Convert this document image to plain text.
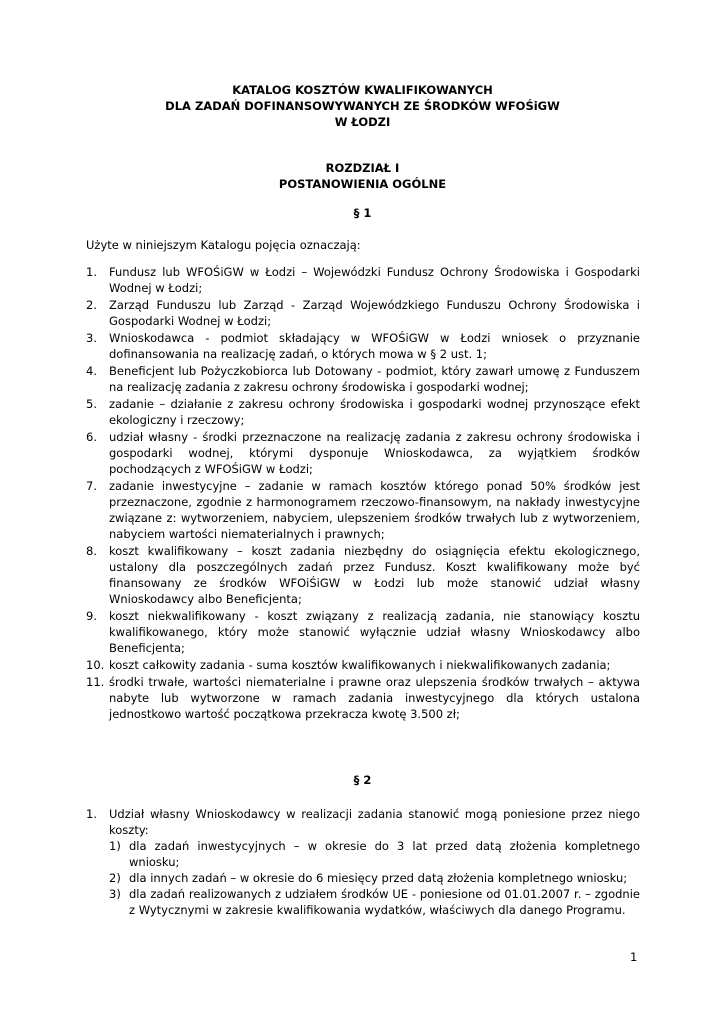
KATALOG KOSZTÓW KWALIFIKOWANYCH
DLA ZADAŃ DOFINANSOWYWANYCH ZE ŚRODKÓW WFOŚiGW
W ŁODZI
ROZDZIAŁ I
POSTANOWIENIA OGÓLNE
§ 1
Użyte w niniejszym Katalogu pojęcia oznaczają:
1. Fundusz lub WFOŚiGW w Łodzi – Wojewódzki Fundusz Ochrony Środowiska i Gospodarki Wodnej w Łodzi;
2. Zarząd Funduszu lub Zarząd - Zarząd Wojewódzkiego Funduszu Ochrony Środowiska i Gospodarki Wodnej w Łodzi;
3. Wnioskodawca - podmiot składający w WFOŚiGW w Łodzi wniosek o przyznanie dofinansowania na realizację zadań, o których mowa w § 2 ust. 1;
4. Beneficjent lub Pożyczkobiorca lub Dotowany - podmiot, który zawarł umowę z Funduszem na realizację zadania z zakresu ochrony środowiska i gospodarki wodnej;
5. zadanie – działanie z zakresu ochrony środowiska i gospodarki wodnej przynoszące efekt ekologiczny i rzeczowy;
6. udział własny - środki przeznaczone na realizację zadania z zakresu ochrony środowiska i gospodarki wodnej, którymi dysponuje Wnioskodawca, za wyjątkiem środków pochodzących z WFOŚiGW w Łodzi;
7. zadanie inwestycyjne – zadanie w ramach kosztów którego ponad 50% środków jest przeznaczone, zgodnie z harmonogramem rzeczowo-finansowym, na nakłady inwestycyjne związane z: wytworzeniem, nabyciem, ulepszeniem środków trwałych lub z wytworzeniem, nabyciem wartości niematerialnych i prawnych;
8. koszt kwalifikowany – koszt zadania niezbędny do osiągnięcia efektu ekologicznego, ustalony dla poszczególnych zadań przez Fundusz. Koszt kwalifikowany może być finansowany ze środków WFOiŚiGW w Łodzi lub może stanowić udział własny Wnioskodawcy albo Beneficjenta;
9. koszt niekwalifikowany - koszt związany z realizacją zadania, nie stanowiący kosztu kwalifikowanego, który może stanowić wyłącznie udział własny Wnioskodawcy albo Beneficjenta;
10. koszt całkowity zadania - suma kosztów kwalifikowanych i niekwalifikowanych zadania;
11. środki trwałe, wartości niematerialne i prawne oraz ulepszenia środków trwałych – aktywa nabyte lub wytworzone w ramach zadania inwestycyjnego dla których ustalona jednostkowo wartość początkowa przekracza kwotę 3.500 zł;
§ 2
1. Udział własny Wnioskodawcy w realizacji zadania stanowić mogą poniesione przez niego koszty:
1) dla zadań inwestycyjnych – w okresie do 3 lat przed datą złożenia kompletnego wniosku;
2) dla innych zadań – w okresie do 6 miesięcy przed datą złożenia kompletnego wniosku;
3) dla zadań realizowanych z udziałem środków UE - poniesione od 01.01.2007 r. – zgodnie z Wytycznymi w zakresie kwalifikowania wydatków, właściwych dla danego Programu.
1
